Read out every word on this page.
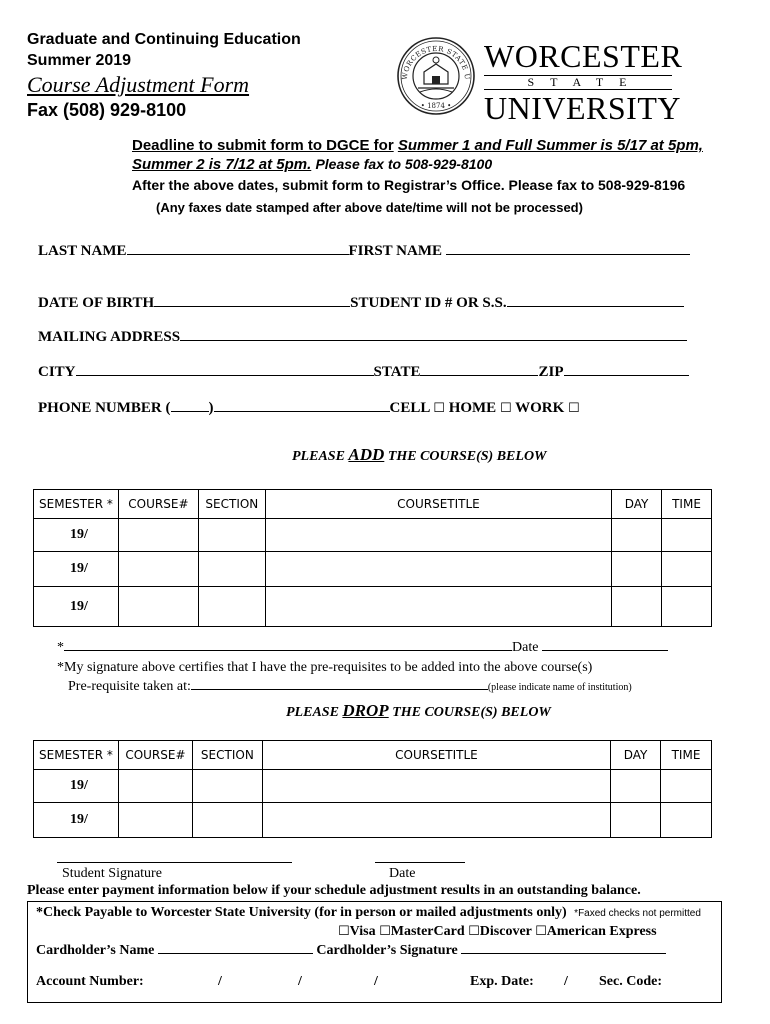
Graduate and Continuing Education
Summer 2019
Course Adjustment Form
Fax (508) 929-8100
WORCESTER STATE U
• 1874 •
WORCESTER
STATE
UNIVERSITY
Deadline to submit form to DGCE for Summer 1 and Full Summer is 5/17 at 5pm,
Summer 2 is 7/12 at 5pm. Please fax to 508-929-8100
After the above dates, submit form to Registrar’s Office. Please fax to 508-929-8196
(Any faxes date stamped after above date/time will not be processed)
LAST NAME	FIRST NAME
DATE OF BIRTH	STUDENT ID # OR S.S.
MAILING ADDRESS
CITY	STATE	ZIP
PHONE NUMBER (	)	CELL ☐ HOME ☐ WORK ☐
PLEASE ADD THE COURSE(S) BELOW
SEMESTER *	COURSE#	SECTION	COURSETITLE	DAY	TIME
19/					
19/					
19/					
*	Date
*My signature above certifies that I have the pre-requisites to be added into the above course(s)
Pre-requisite taken at:	(please indicate name of institution)
PLEASE DROP THE COURSE(S) BELOW
SEMESTER *	COURSE#	SECTION	COURSETITLE	DAY	TIME
19/					
19/					
Student Signature	Date
Please enter payment information below if your schedule adjustment results in an outstanding balance.
*Check Payable to Worcester State University (for in person or mailed adjustments only) *Faxed checks not permitted
☐Visa ☐MasterCard ☐Discover ☐American Express
Cardholder’s Name	Cardholder’s Signature
Account Number:	/	/	/	Exp. Date: / Sec. Code:
